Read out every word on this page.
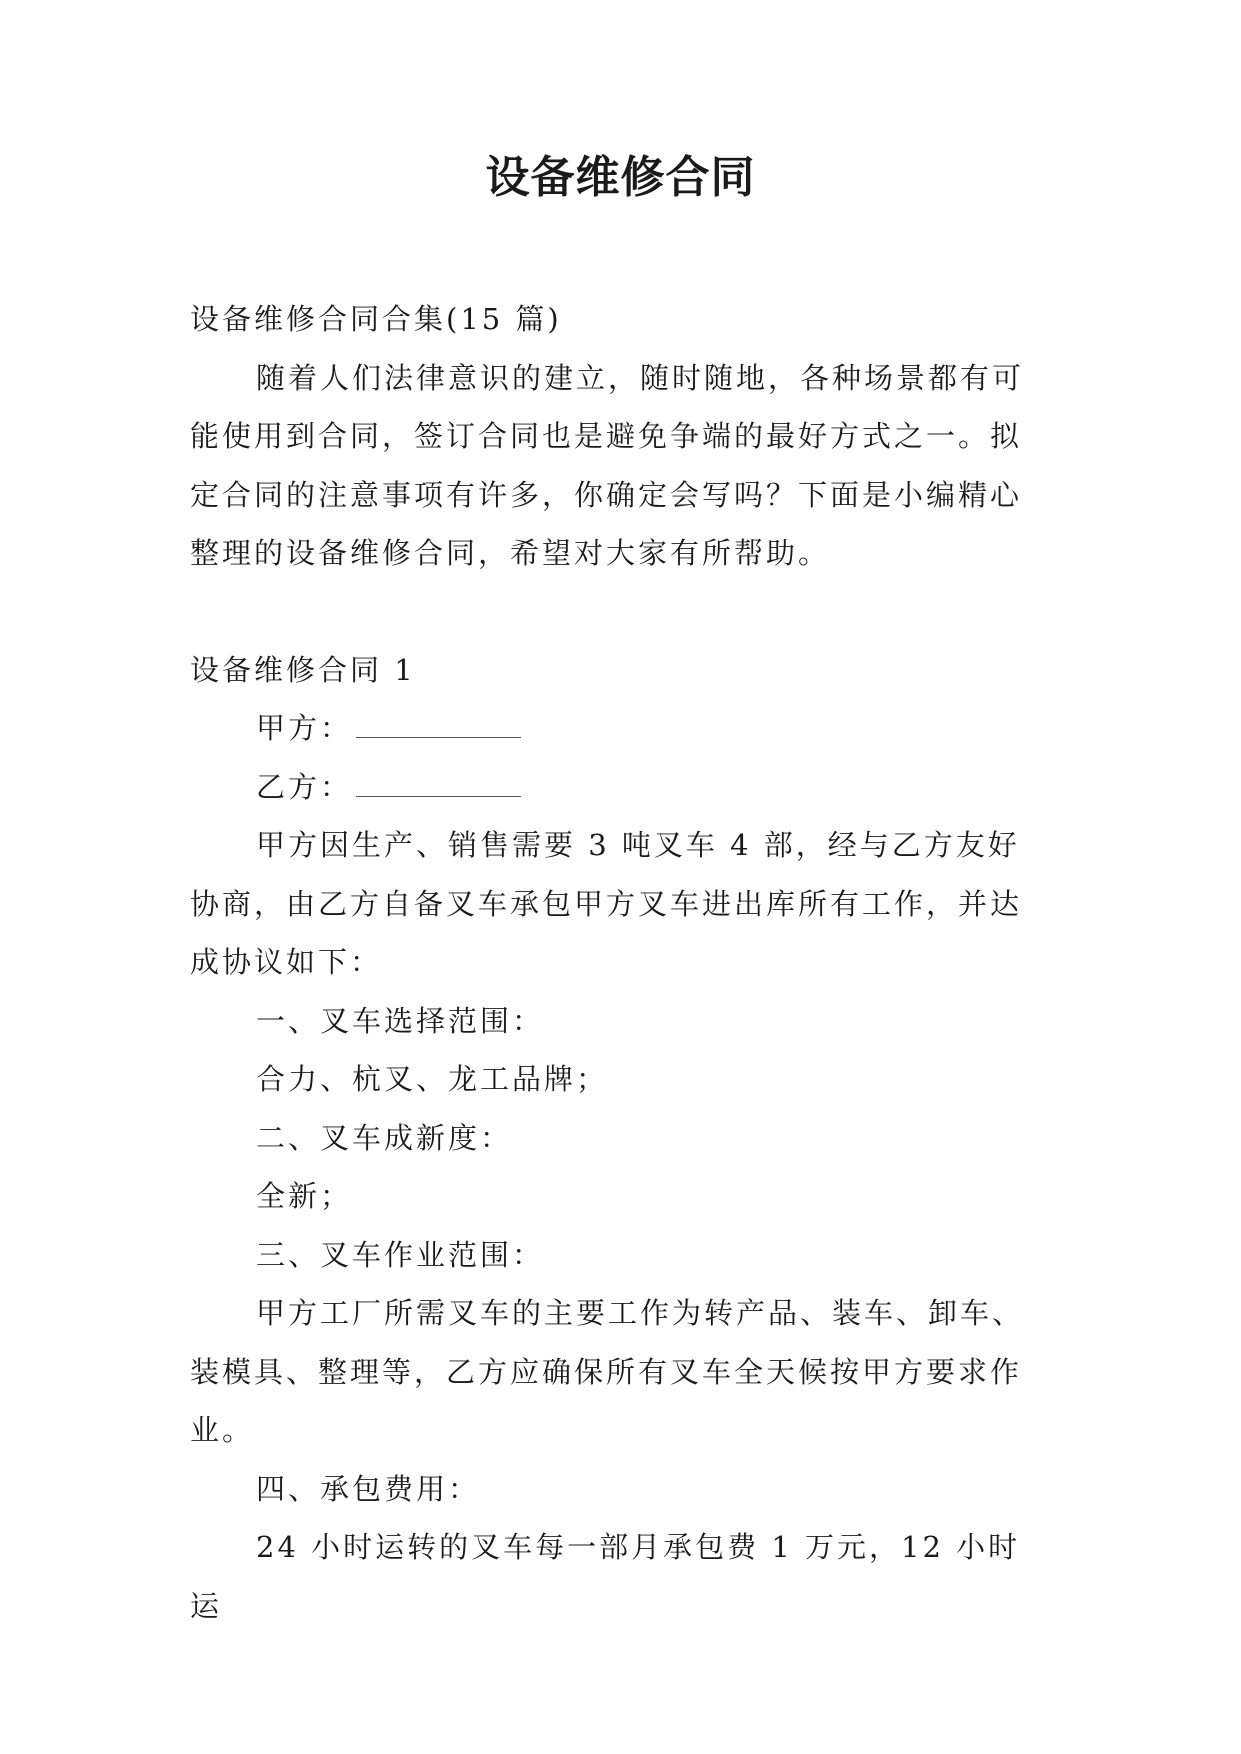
设备维修合同

设备维修合同合集(15 篇)

随着人们法律意识的建立，随时随地，各种场景都有可能使用到合同，签订合同也是避免争端的最好方式之一。拟定合同的注意事项有许多，你确定会写吗？下面是小编精心整理的设备维修合同，希望对大家有所帮助。

设备维修合同 1

甲方：

乙方：

甲方因生产、销售需要 3 吨叉车 4 部，经与乙方友好协商，由乙方自备叉车承包甲方叉车进出库所有工作，并达成协议如下：

一、叉车选择范围：

合力、杭叉、龙工品牌；

二、叉车成新度：

全新；

三、叉车作业范围：

甲方工厂所需叉车的主要工作为转产品、装车、卸车、装模具、整理等，乙方应确保所有叉车全天候按甲方要求作业。

四、承包费用：

24 小时运转的叉车每一部月承包费 1 万元，12 小时运
